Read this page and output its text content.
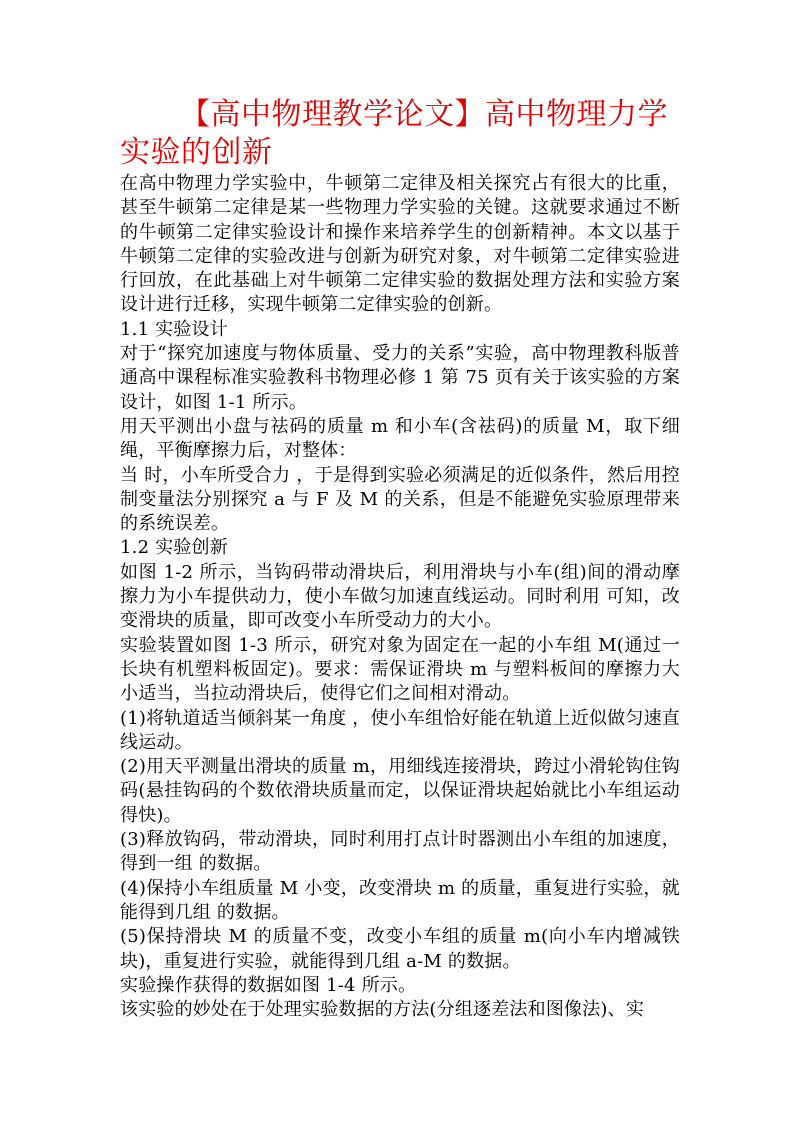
【高中物理教学论文】高中物理力学实验的创新

在高中物理力学实验中，牛顿第二定律及相关探究占有很大的比重，甚至牛顿第二定律是某一些物理力学实验的关键。这就要求通过不断的牛顿第二定律实验设计和操作来培养学生的创新精神。本文以基于牛顿第二定律的实验改进与创新为研究对象，对牛顿第二定律实验进行回放，在此基础上对牛顿第二定律实验的数据处理方法和实验方案设计进行迁移，实现牛顿第二定律实验的创新。

1.1 实验设计

对于“探究加速度与物体质量、受力的关系”实验，高中物理教科版普通高中课程标准实验教科书物理必修 1 第 75 页有关于该实验的方案设计，如图 1-1 所示。

用天平测出小盘与祛码的质量 m 和小车(含祛码)的质量 M，取下细绳，平衡摩擦力后，对整体：

当 时，小车所受合力 ，于是得到实验必须满足的近似条件，然后用控制变量法分别探究 a 与 F 及 M 的关系，但是不能避免实验原理带来的系统误差。

1.2 实验创新

如图 1-2 所示，当钩码带动滑块后，利用滑块与小车(组)间的滑动摩擦力为小车提供动力，使小车做匀加速直线运动。同时利用 可知，改变滑块的质量，即可改变小车所受动力的大小。

实验装置如图 1-3 所示，研究对象为固定在一起的小车组 M(通过一长块有机塑料板固定)。要求：需保证滑块 m 与塑料板间的摩擦力大小适当，当拉动滑块后，使得它们之间相对滑动。

(1)将轨道适当倾斜某一角度 ，使小车组恰好能在轨道上近似做匀速直线运动。

(2)用天平测量出滑块的质量 m，用细线连接滑块，跨过小滑轮钩住钩码(悬挂钩码的个数依滑块质量而定，以保证滑块起始就比小车组运动得快)。

(3)释放钩码，带动滑块，同时利用打点计时器测出小车组的加速度，得到一组 的数据。

(4)保持小车组质量 M 小变，改变滑块 m 的质量，重复进行实验，就能得到几组 的数据。

(5)保持滑块 M 的质量不变，改变小车组的质量 m(向小车内增减铁块)，重复进行实验，就能得到几组 a-M 的数据。

实验操作获得的数据如图 1-4 所示。

该实验的妙处在于处理实验数据的方法(分组逐差法和图像法)、实
